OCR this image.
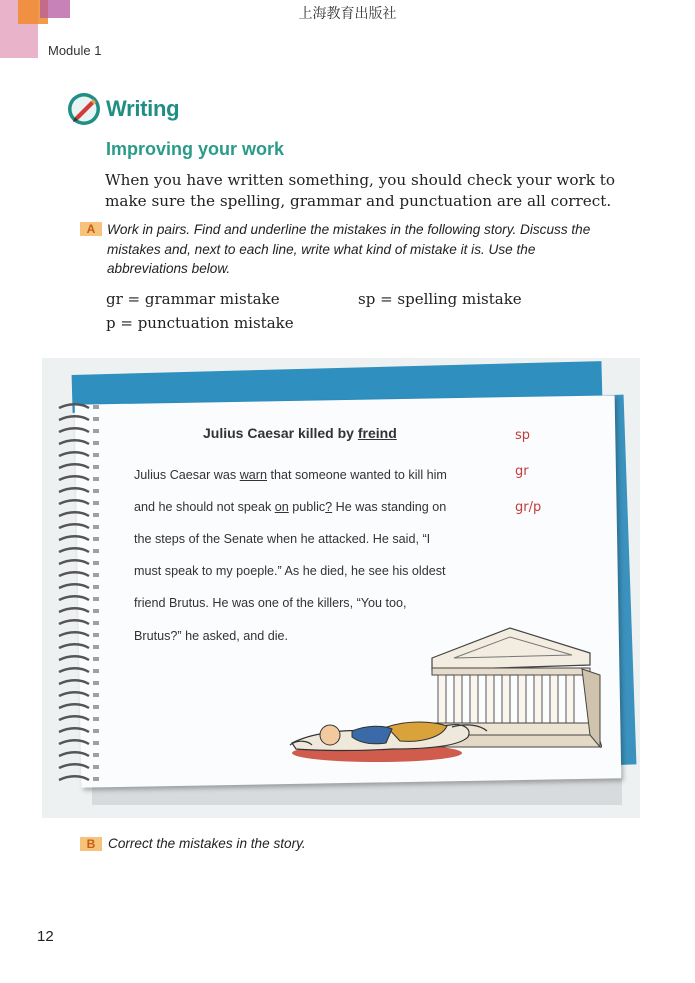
上海教育出版社
Module 1
Writing
Improving your work
When you have written something, you should check your work to make sure the spelling, grammar and punctuation are all correct.
A Work in pairs. Find and underline the mistakes in the following story. Discuss the mistakes and, next to each line, write what kind of mistake it is. Use the abbreviations below.
gr = grammar mistake	sp = spelling mistake
p = punctuation mistake
Julius Caesar killed by freind
Julius Caesar was warn that someone wanted to kill him
and he should not speak on public? He was standing on
the steps of the Senate when he attacked. He said, “I
must speak to my poeple.” As he died, he see his oldest
friend Brutus. He was one of the killers, “You too,
Brutus?” he asked, and die.
sp
gr
gr/p
B Correct the mistakes in the story.
12
